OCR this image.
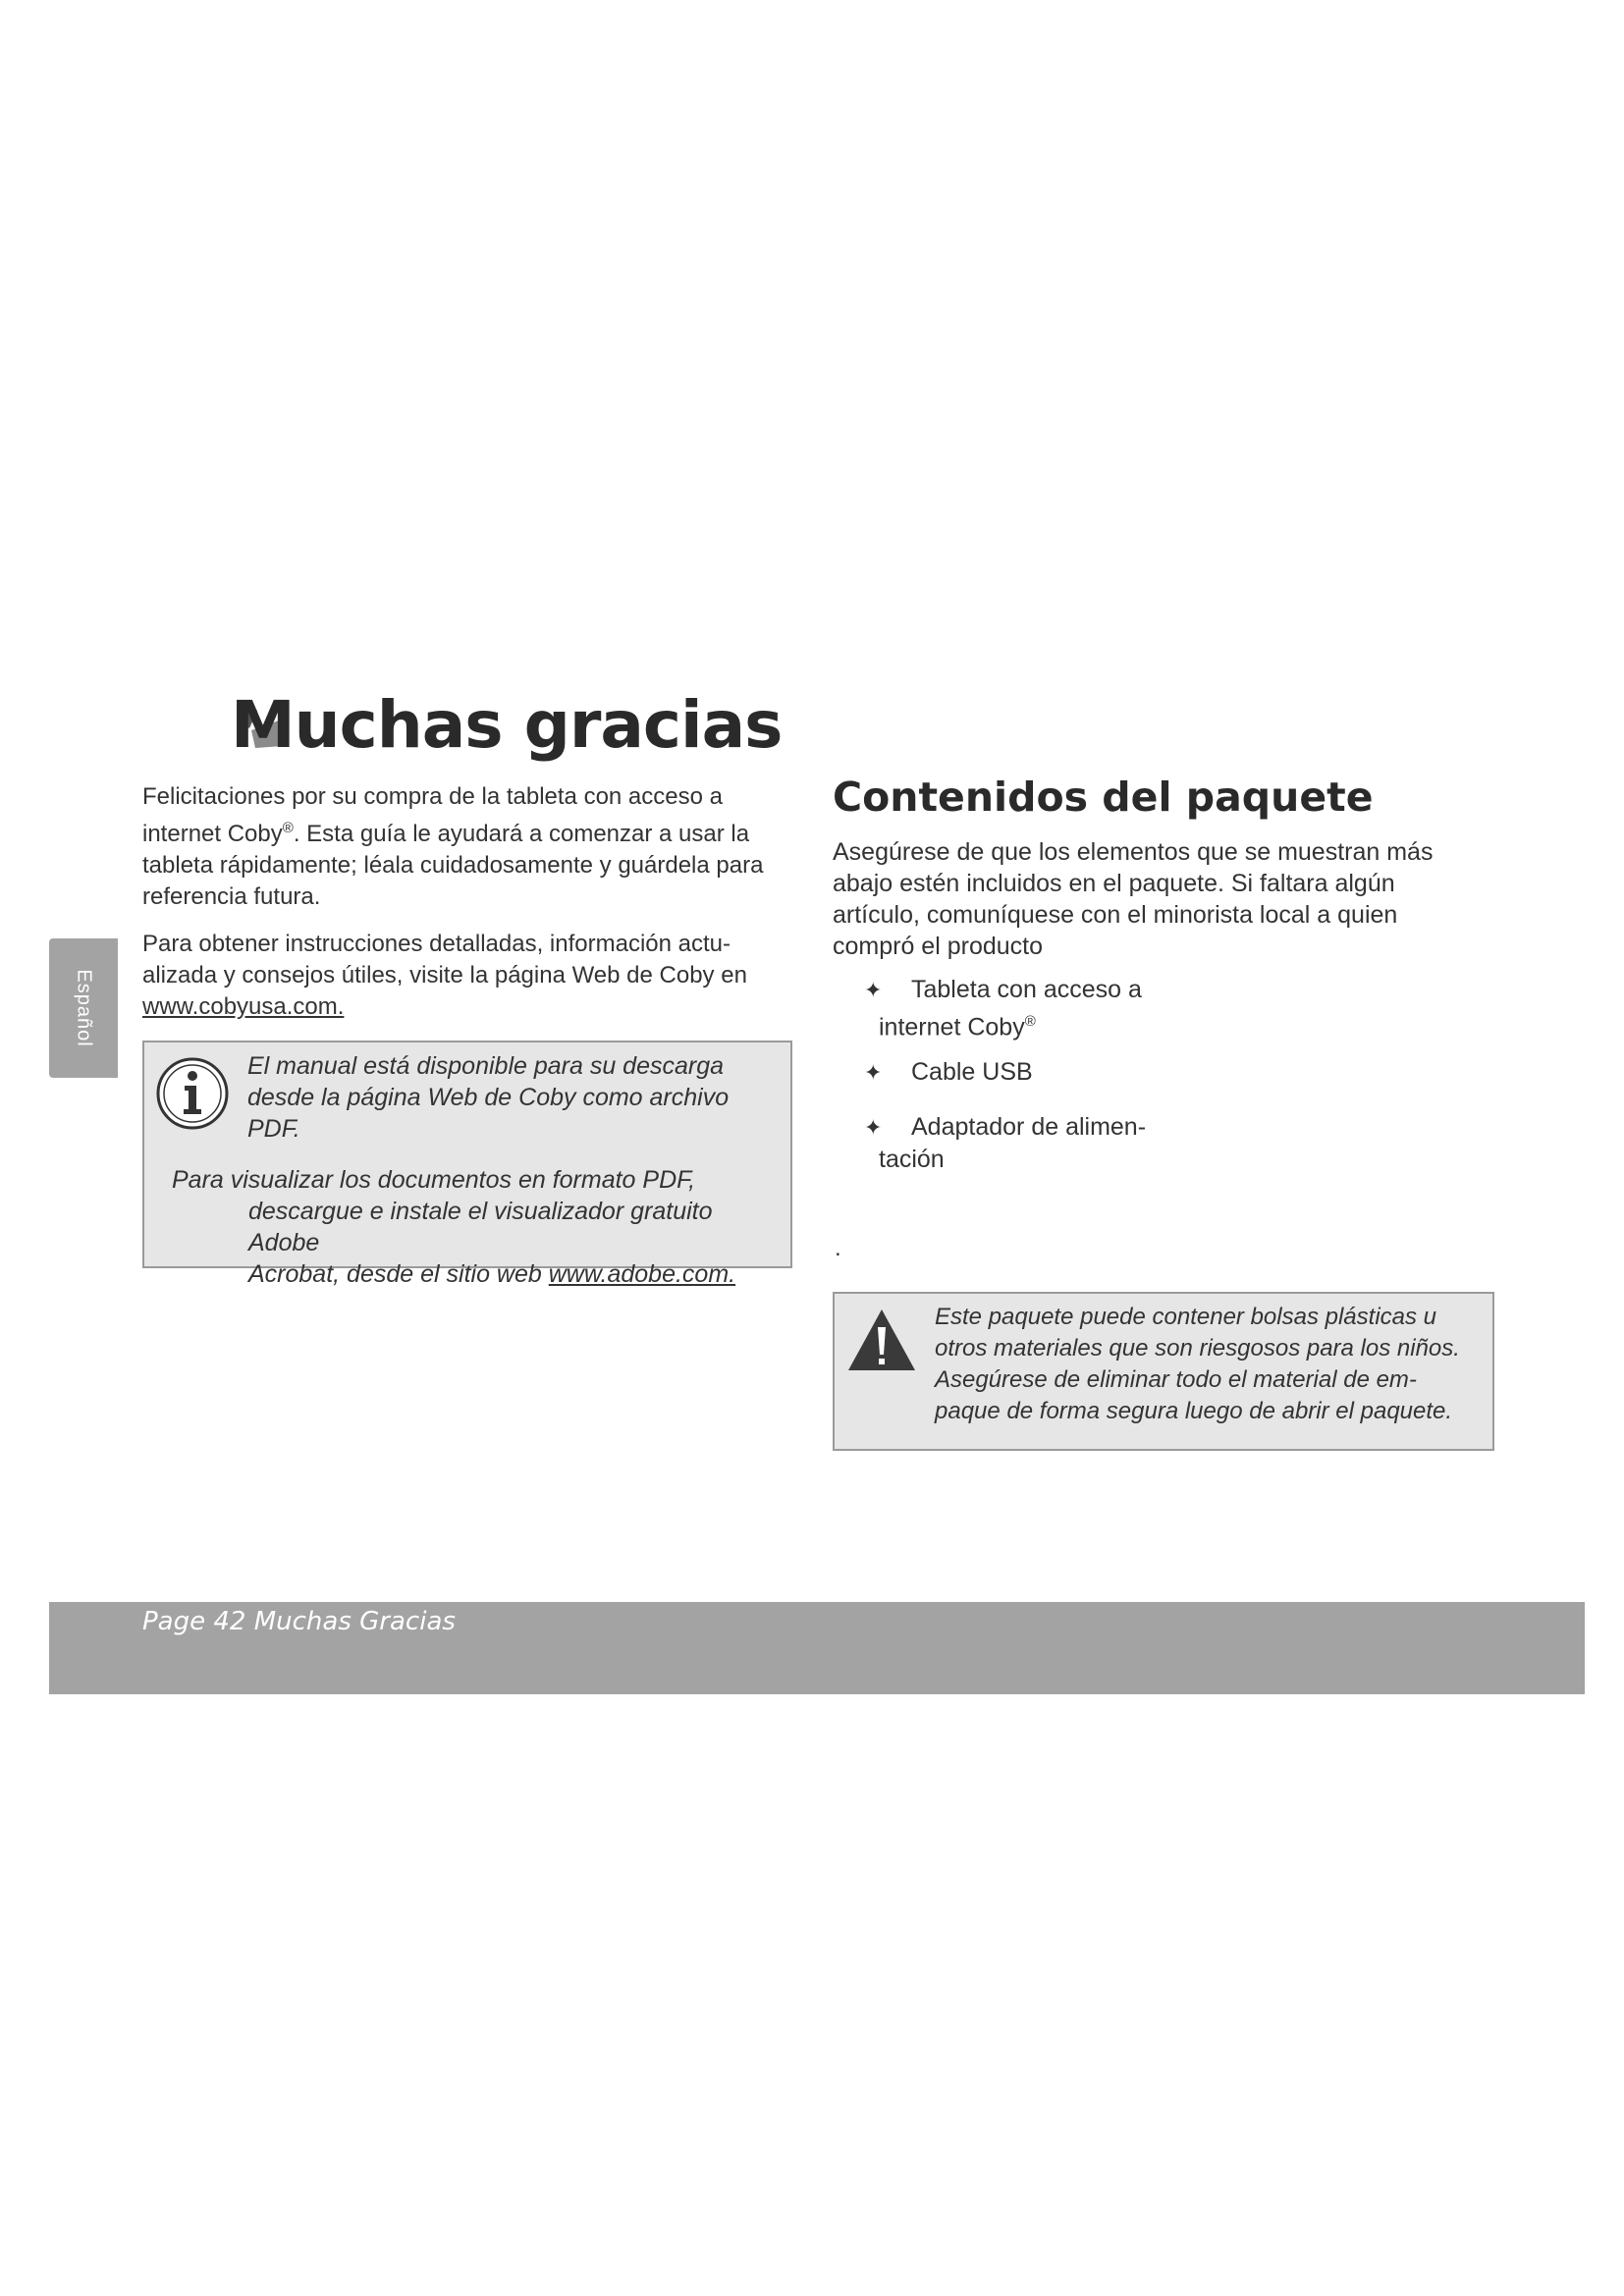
Español
Muchas gracias
Felicitaciones por su compra de la tableta con acceso a
internet Coby®. Esta guía le ayudará a comenzar a usar la
tableta rápidamente; léala cuidadosamente y guárdela para
referencia futura.
Para obtener instrucciones detalladas, información actu-
alizada y consejos útiles, visite la página Web de Coby en
www.cobyusa.com.
El manual está disponible para su descarga
desde la página Web de Coby como archivo
PDF.
Para visualizar los documentos en formato PDF,
descargue e instale el visualizador gratuito Adobe
Acrobat, desde el sitio web www.adobe.com.
Contenidos del paquete
Asegúrese de que los elementos que se muestran más
abajo estén incluidos en el paquete. Si faltara algún
artículo, comuníquese con el minorista local a quien
compró el producto
✦ Tableta con acceso a
internet Coby®
✦ Cable USB
✦ Adaptador de alimen-
tación
.
Este paquete puede contener bolsas plásticas u
otros materiales que son riesgosos para los niños.
Asegúrese de eliminar todo el material de em-
paque de forma segura luego de abrir el paquete.
Page 42 Muchas Gracias
